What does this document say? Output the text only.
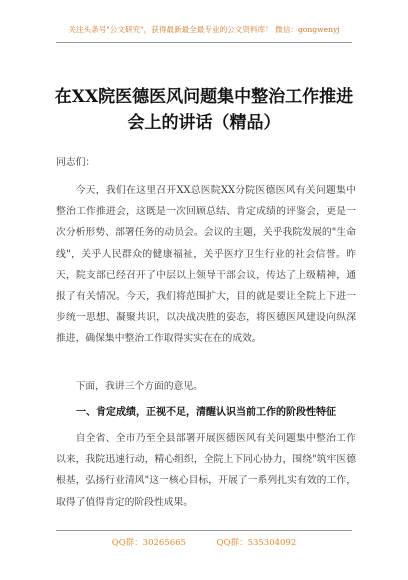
关注头条号"公文研究"，获得最新最全最专业的公文资料库！ 微信：gongwenyj
在XX院医德医风问题集中整治工作推进
会上的讲话（精品）

同志们：

今天，我们在这里召开XX总医院XX分院医德医风有关问题集中整治工作推进会，这既是一次回顾总结、肯定成绩的评鉴会，更是一次分析形势、部署任务的动员会。会议的主题，关乎我院发展的"生命线"，关乎人民群众的健康福祉，关乎医疗卫生行业的社会信誉。昨天，院支部已经召开了中层以上领导干部会议，传达了上级精神，通报了有关情况。今天，我们将范围扩大，目的就是要让全院上下进一步统一思想、凝聚共识，以决战决胜的姿态，将医德医风建设向纵深推进，确保集中整治工作取得实实在在的成效。

下面，我讲三个方面的意见。

一、肯定成绩，正视不足，清醒认识当前工作的阶段性特征

自全省、全市乃至全县部署开展医德医风有关问题集中整治工作以来，我院迅速行动，精心组织，全院上下同心协力，围绕"筑牢医德根基，弘扬行业清风"这一核心目标，开展了一系列扎实有效的工作，取得了值得肯定的阶段性成果。

QQ群：30265665	QQ群：535304092
